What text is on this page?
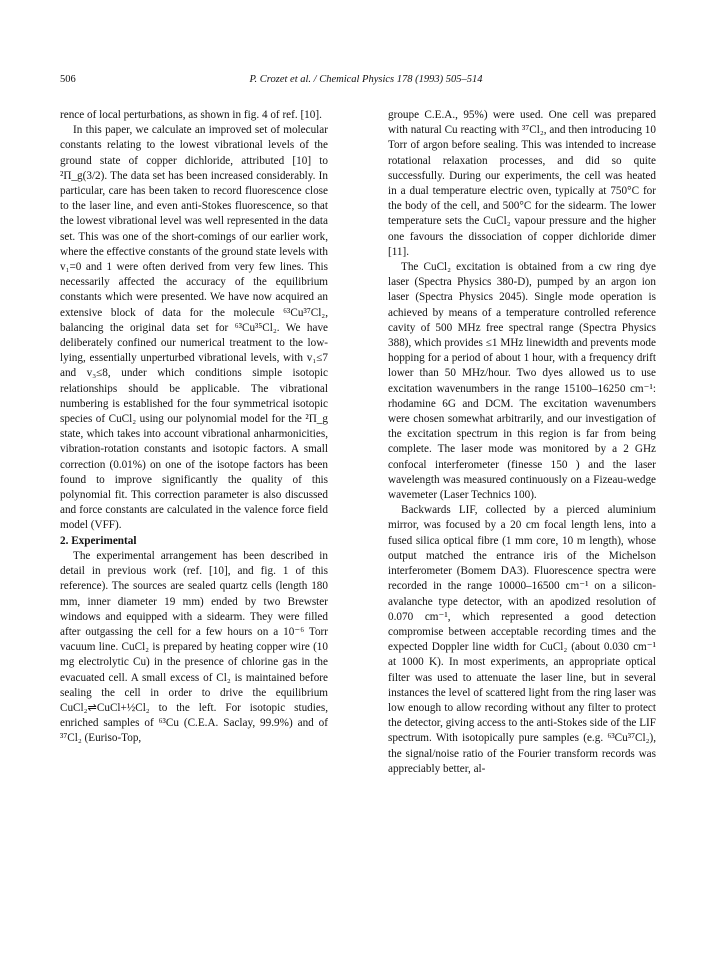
506	P. Crozet et al. / Chemical Physics 178 (1993) 505–514

rence of local perturbations, as shown in fig. 4 of ref. [10].

In this paper, we calculate an improved set of molecular constants relating to the lowest vibrational levels of the ground state of copper dichloride, attributed [10] to ²Π_g(3/2). The data set has been increased considerably. In particular, care has been taken to record fluorescence close to the laser line, and even anti-Stokes fluorescence, so that the lowest vibrational level was well represented in the data set. This was one of the short-comings of our earlier work, where the effective constants of the ground state levels with v₁=0 and 1 were often derived from very few lines. This necessarily affected the accuracy of the equilibrium constants which were presented. We have now acquired an extensive block of data for the molecule ⁶³Cu³⁷Cl₂, balancing the original data set for ⁶³Cu³⁵Cl₂. We have deliberately confined our numerical treatment to the low-lying, essentially unperturbed vibrational levels, with v₁≤7 and v₃≤8, under which conditions simple isotopic relationships should be applicable. The vibrational numbering is established for the four symmetrical isotopic species of CuCl₂ using our polynomial model for the ²Π_g state, which takes into account vibrational anharmonicities, vibration-rotation constants and isotopic factors. A small correction (0.01%) on one of the isotope factors has been found to improve significantly the quality of this polynomial fit. This correction parameter is also discussed and force constants are calculated in the valence force field model (VFF).

2. Experimental

The experimental arrangement has been described in detail in previous work (ref. [10], and fig. 1 of this reference). The sources are sealed quartz cells (length 180 mm, inner diameter 19 mm) ended by two Brewster windows and equipped with a sidearm. They were filled after outgassing the cell for a few hours on a 10⁻⁶ Torr vacuum line. CuCl₂ is prepared by heating copper wire (10 mg electrolytic Cu) in the presence of chlorine gas in the evacuated cell. A small excess of Cl₂ is maintained before sealing the cell in order to drive the equilibrium CuCl₂⇌CuCl+½Cl₂ to the left. For isotopic studies, enriched samples of ⁶³Cu (C.E.A. Saclay, 99.9%) and of ³⁷Cl₂ (Euriso-Top,

groupe C.E.A., 95%) were used. One cell was prepared with natural Cu reacting with ³⁷Cl₂, and then introducing 10 Torr of argon before sealing. This was intended to increase rotational relaxation processes, and did so quite successfully. During our experiments, the cell was heated in a dual temperature electric oven, typically at 750°C for the body of the cell, and 500°C for the sidearm. The lower temperature sets the CuCl₂ vapour pressure and the higher one favours the dissociation of copper dichloride dimer [11].

The CuCl₂ excitation is obtained from a cw ring dye laser (Spectra Physics 380-D), pumped by an argon ion laser (Spectra Physics 2045). Single mode operation is achieved by means of a temperature controlled reference cavity of 500 MHz free spectral range (Spectra Physics 388), which provides ≤1 MHz linewidth and prevents mode hopping for a period of about 1 hour, with a frequency drift lower than 50 MHz/hour. Two dyes allowed us to use excitation wavenumbers in the range 15100–16250 cm⁻¹: rhodamine 6G and DCM. The excitation wavenumbers were chosen somewhat arbitrarily, and our investigation of the excitation spectrum in this region is far from being complete. The laser mode was monitored by a 2 GHz confocal interferometer (finesse 150 ) and the laser wavelength was measured continuously on a Fizeau-wedge wavemeter (Laser Technics 100).

Backwards LIF, collected by a pierced aluminium mirror, was focused by a 20 cm focal length lens, into a fused silica optical fibre (1 mm core, 10 m length), whose output matched the entrance iris of the Michelson interferometer (Bomem DA3). Fluorescence spectra were recorded in the range 10000–16500 cm⁻¹ on a silicon-avalanche type detector, with an apodized resolution of 0.070 cm⁻¹, which represented a good detection compromise between acceptable recording times and the expected Doppler line width for CuCl₂ (about 0.030 cm⁻¹ at 1000 K). In most experiments, an appropriate optical filter was used to attenuate the laser line, but in several instances the level of scattered light from the ring laser was low enough to allow recording without any filter to protect the detector, giving access to the anti-Stokes side of the LIF spectrum. With isotopically pure samples (e.g. ⁶³Cu³⁷Cl₂), the signal/noise ratio of the Fourier transform records was appreciably better, al-
